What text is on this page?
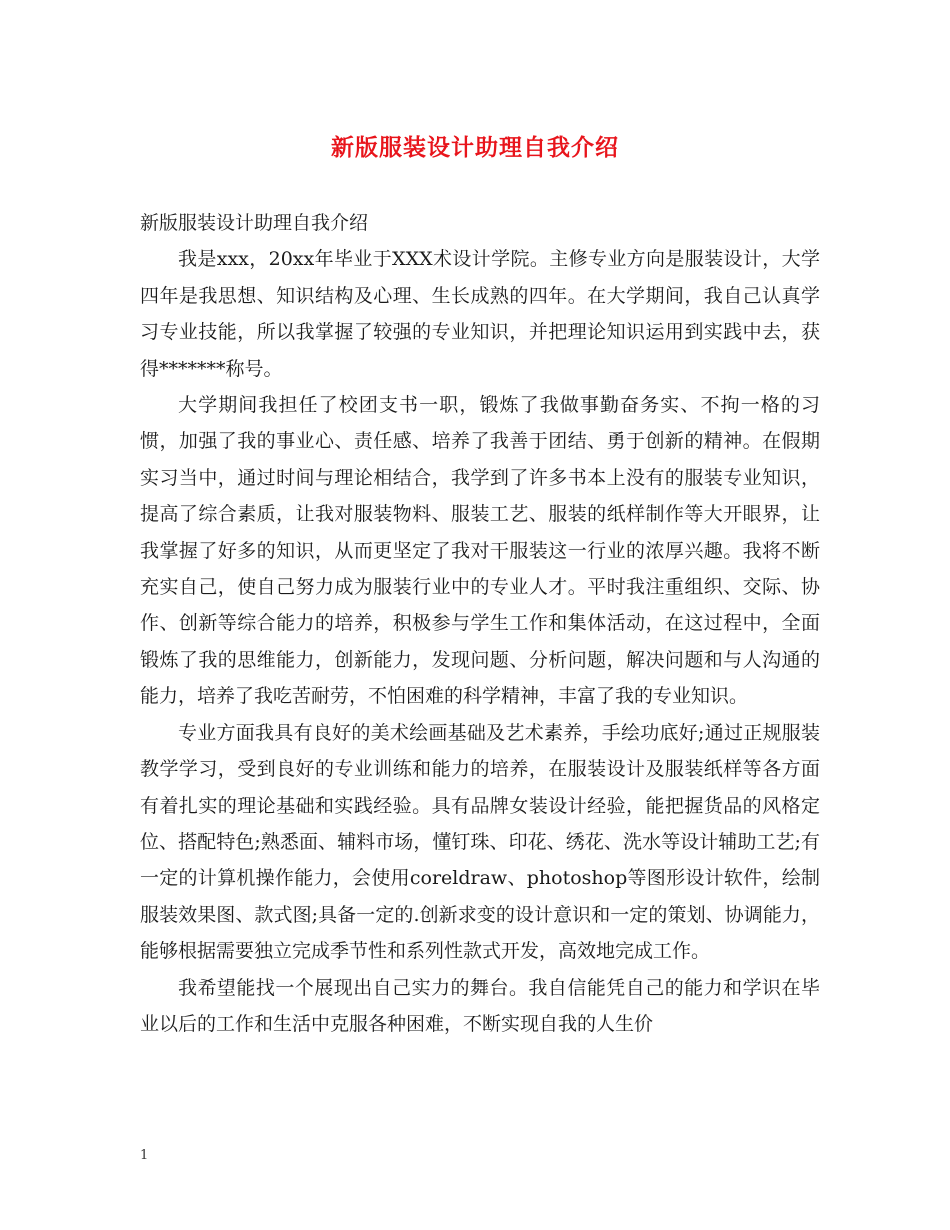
新版服装设计助理自我介绍

新版服装设计助理自我介绍

我是xxx，20xx年毕业于XXX术设计学院。主修专业方向是服装设计，大学四年是我思想、知识结构及心理、生长成熟的四年。在大学期间，我自己认真学习专业技能，所以我掌握了较强的专业知识，并把理论知识运用到实践中去，获得*******称号。

大学期间我担任了校团支书一职，锻炼了我做事勤奋务实、不拘一格的习惯，加强了我的事业心、责任感、培养了我善于团结、勇于创新的精神。在假期实习当中，通过时间与理论相结合，我学到了许多书本上没有的服装专业知识，提高了综合素质，让我对服装物料、服装工艺、服装的纸样制作等大开眼界，让我掌握了好多的知识，从而更坚定了我对干服装这一行业的浓厚兴趣。我将不断充实自己，使自己努力成为服装行业中的专业人才。平时我注重组织、交际、协作、创新等综合能力的培养，积极参与学生工作和集体活动，在这过程中，全面锻炼了我的思维能力，创新能力，发现问题、分析问题，解决问题和与人沟通的能力，培养了我吃苦耐劳，不怕困难的科学精神，丰富了我的专业知识。

专业方面我具有良好的美术绘画基础及艺术素养，手绘功底好;通过正规服装教学学习，受到良好的专业训练和能力的培养，在服装设计及服装纸样等各方面有着扎实的理论基础和实践经验。具有品牌女装设计经验，能把握货品的风格定位、搭配特色;熟悉面、辅料市场，懂钉珠、印花、绣花、洗水等设计辅助工艺;有一定的计算机操作能力，会使用coreldraw、photoshop等图形设计软件，绘制服装效果图、款式图;具备一定的.创新求变的设计意识和一定的策划、协调能力，能够根据需要独立完成季节性和系列性款式开发，高效地完成工作。

我希望能找一个展现出自己实力的舞台。我自信能凭自己的能力和学识在毕业以后的工作和生活中克服各种困难，不断实现自我的人生价

1
